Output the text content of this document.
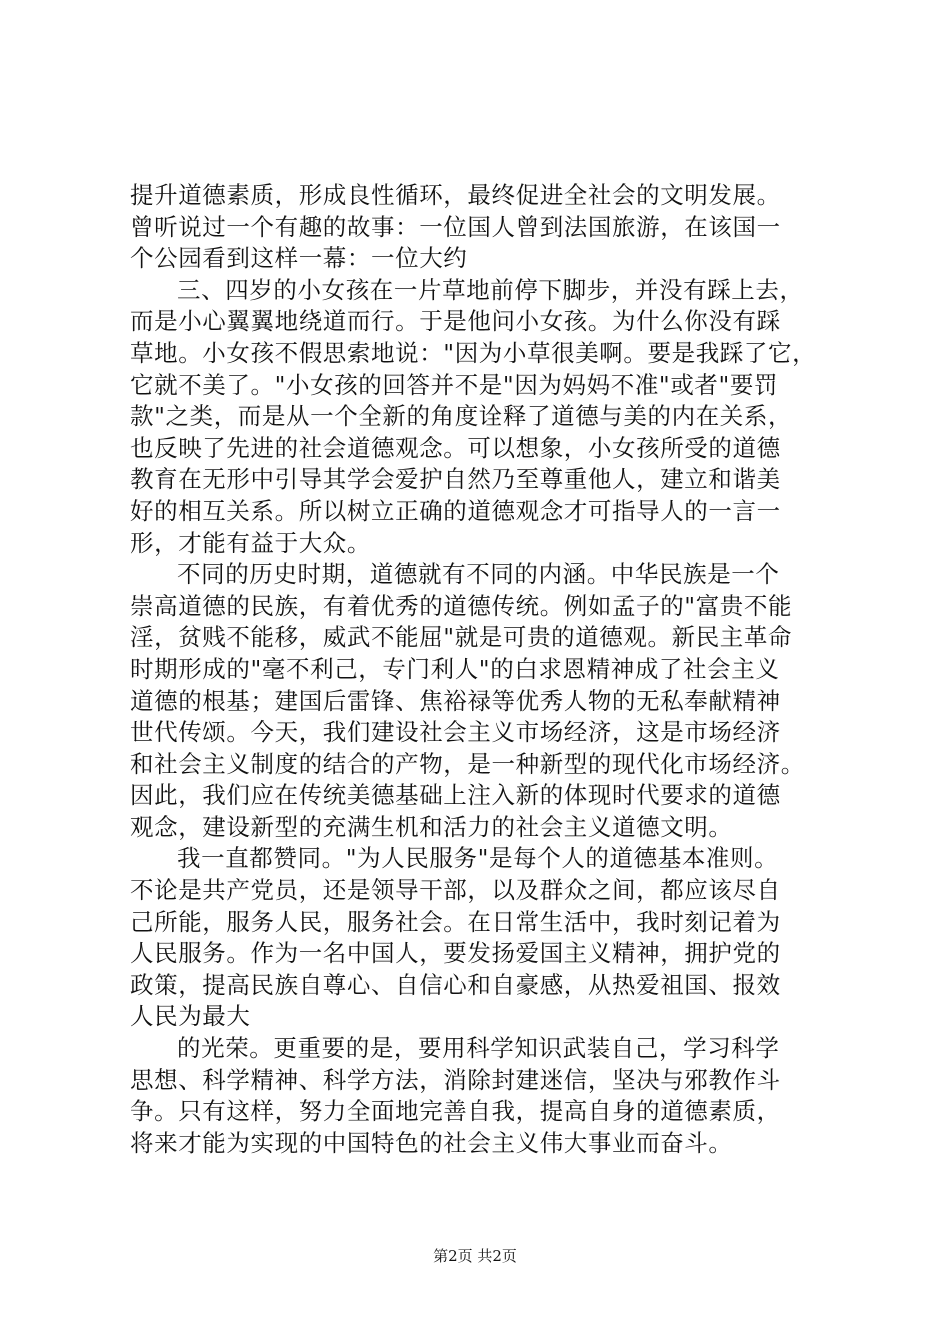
提升道德素质，形成良性循环，最终促进全社会的文明发展。
曾听说过一个有趣的故事：一位国人曾到法国旅游，在该国一
个公园看到这样一幕：一位大约
三、四岁的小女孩在一片草地前停下脚步，并没有踩上去，
而是小心翼翼地绕道而行。于是他问小女孩。为什么你没有踩
草地。小女孩不假思索地说："因为小草很美啊。要是我踩了它，
它就不美了。"小女孩的回答并不是"因为妈妈不准"或者"要罚
款"之类，而是从一个全新的角度诠释了道德与美的内在关系，
也反映了先进的社会道德观念。可以想象，小女孩所受的道德
教育在无形中引导其学会爱护自然乃至尊重他人，建立和谐美
好的相互关系。所以树立正确的道德观念才可指导人的一言一
形，才能有益于大众。
不同的历史时期，道德就有不同的内涵。中华民族是一个
崇高道德的民族，有着优秀的道德传统。例如孟子的"富贵不能
淫，贫贱不能移，威武不能屈"就是可贵的道德观。新民主革命
时期形成的"毫不利己，专门利人"的白求恩精神成了社会主义
道德的根基；建国后雷锋、焦裕禄等优秀人物的无私奉献精神
世代传颂。今天，我们建设社会主义市场经济，这是市场经济
和社会主义制度的结合的产物，是一种新型的现代化市场经济。
因此，我们应在传统美德基础上注入新的体现时代要求的道德
观念，建设新型的充满生机和活力的社会主义道德文明。
我一直都赞同。"为人民服务"是每个人的道德基本准则。
不论是共产党员，还是领导干部，以及群众之间，都应该尽自
己所能，服务人民，服务社会。在日常生活中，我时刻记着为
人民服务。作为一名中国人，要发扬爱国主义精神，拥护党的
政策，提高民族自尊心、自信心和自豪感，从热爱祖国、报效
人民为最大
的光荣。更重要的是，要用科学知识武装自己，学习科学
思想、科学精神、科学方法，消除封建迷信，坚决与邪教作斗
争。只有这样，努力全面地完善自我，提高自身的道德素质，
将来才能为实现的中国特色的社会主义伟大事业而奋斗。
第2页 共2页
